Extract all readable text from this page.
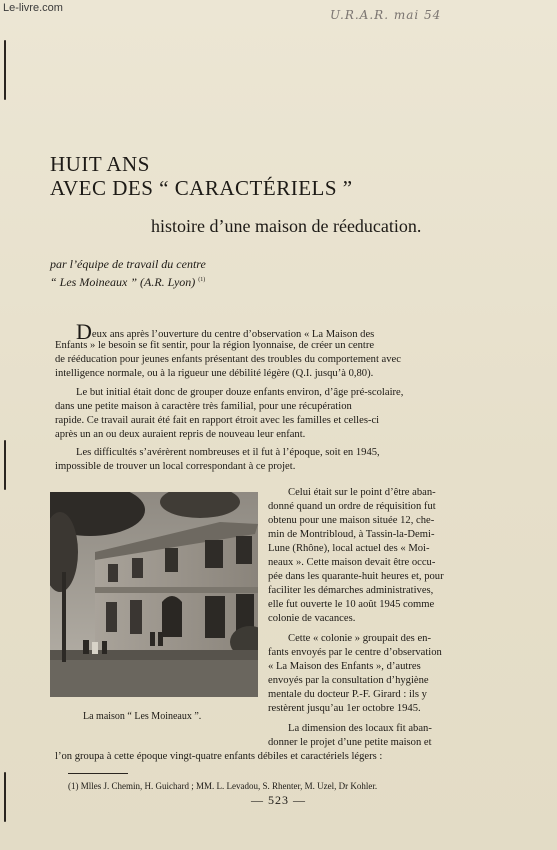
Le-livre.com	U.R.A.R. mai 54
HUIT ANS
AVEC DES “ CARACTÉRIELS ”
histoire d’une maison de réeducation.
par l’équipe de travail du centre
“ Les Moineaux ” (A.R. Lyon) $^{(1)}$
Deux ans après l’ouverture du centre d’observation « La Maison des
Enfants » le besoin se fit sentir, pour la région lyonnaise, de créer un centre
de rééducation pour jeunes enfants présentant des troubles du comportement avec
intelligence normale, ou à la rigueur une débilité légère (Q.I. jusqu’à 0,80).
Le but initial était donc de grouper douze enfants environ, d’âge pré-scolaire,
dans une petite maison à caractère très familial, pour une récupération
rapide. Ce travail aurait été fait en rapport étroit avec les familles et celles-ci
après un an ou deux auraient repris de nouveau leur enfant.
Les difficultés s’avérèrent nombreuses et il fut à l’époque, soit en 1945,
impossible de trouver un local correspondant à ce projet.
La maison “ Les Moineaux ”.
Celui était sur le point d’être aban-
donné quand un ordre de réquisition fut
obtenu pour une maison située 12, che-
min de Montribloud, à Tassin-la-Demi-
Lune (Rhône), local actuel des « Moi-
neaux ». Cette maison devait être occu-
pée dans les quarante-huit heures et, pour
faciliter les démarches administratives,
elle fut ouverte le 10 août 1945 comme
colonie de vacances.
Cette « colonie » groupait des en-
fants envoyés par le centre d’observation
« La Maison des Enfants », d’autres
envoyés par la consultation d’hygiène
mentale du docteur P.-F. Girard : ils y
restèrent jusqu’au 1er octobre 1945.
La dimension des locaux fit aban-
donner le projet d’une petite maison et
l’on groupa à cette époque vingt-quatre enfants débiles et caractériels légers :
(1) Mlles J. Chemin, H. Guichard ; MM. L. Levadou, S. Rhenter, M. Uzel, Dr Kohler.
— 523 —
